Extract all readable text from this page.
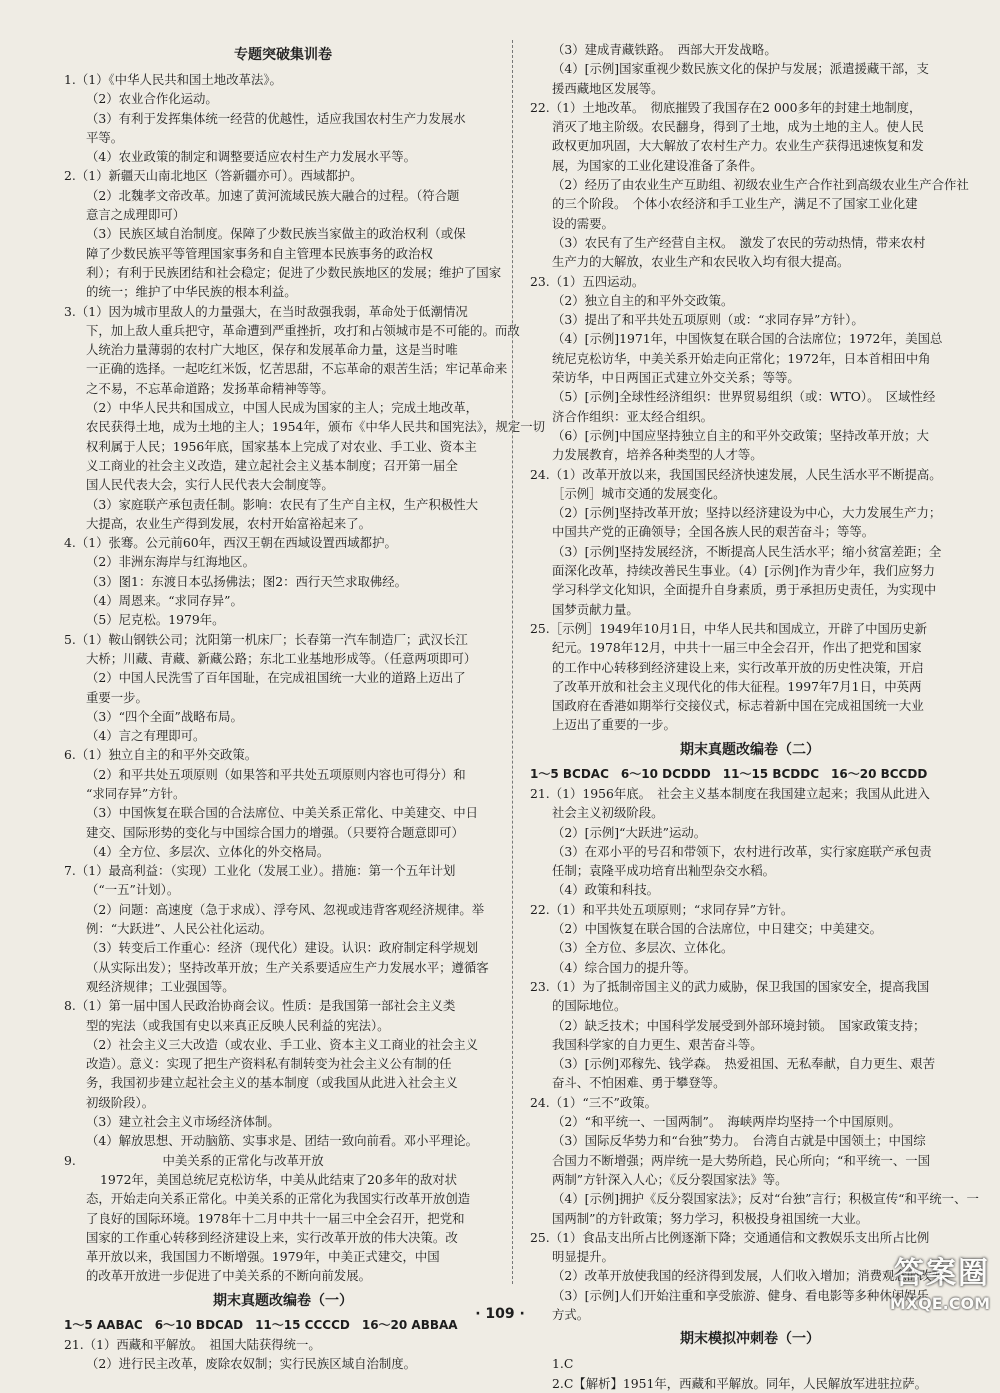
专题突破集训卷
1.（1）《中华人民共和国土地改革法》。
（2）农业合作化运动。
（3）有利于发挥集体统一经营的优越性，适应我国农村生产力发展水
平等。
（4）农业政策的制定和调整要适应农村生产力发展水平等。
2.（1）新疆天山南北地区（答新疆亦可）。西域都护。
（2）北魏孝文帝改革。加速了黄河流域民族大融合的过程。（符合题
意言之成理即可）
（3）民族区域自治制度。保障了少数民族当家做主的政治权利（或保
障了少数民族平等管理国家事务和自主管理本民族事务的政治权
利）；有利于民族团结和社会稳定；促进了少数民族地区的发展；维护了国家
的统一；维护了中华民族的根本利益。
3.（1）因为城市里敌人的力量强大，在当时敌强我弱，革命处于低潮情况
下，加上敌人重兵把守，革命遭到严重挫折，攻打和占领城市是不可能的。而敌
人统治力量薄弱的农村广大地区，保存和发展革命力量，这是当时唯
一正确的选择。一起吃红米饭，忆苦思甜，不忘革命的艰苦生活；牢记革命来
之不易，不忘革命道路；发扬革命精神等等。
（2）中华人民共和国成立，中国人民成为国家的主人；完成土地改革，
农民获得土地，成为土地的主人；1954年，颁布《中华人民共和国宪法》，规定一切
权利属于人民；1956年底，国家基本上完成了对农业、手工业、资本主
义工商业的社会主义改造，建立起社会主义基本制度；召开第一届全
国人民代表大会，实行人民代表大会制度等。
（3）家庭联产承包责任制。影响：农民有了生产自主权，生产积极性大
大提高，农业生产得到发展，农村开始富裕起来了。
4.（1）张骞。公元前60年，西汉王朝在西域设置西域都护。
（2）非洲东海岸与红海地区。
（3）图1：东渡日本弘扬佛法；图2：西行天竺求取佛经。
（4）周恩来。“求同存异”。
（5）尼克松。1979年。
5.（1）鞍山钢铁公司；沈阳第一机床厂；长春第一汽车制造厂；武汉长江
大桥；川藏、青藏、新藏公路；东北工业基地形成等。（任意两项即可）
（2）中国人民洗雪了百年国耻，在完成祖国统一大业的道路上迈出了
重要一步。
（3）“四个全面”战略布局。
（4）言之有理即可。
6.（1）独立自主的和平外交政策。
（2）和平共处五项原则（如果答和平共处五项原则内容也可得分）和
“求同存异”方针。
（3）中国恢复在联合国的合法席位、中美关系正常化、中美建交、中日
建交、国际形势的变化与中国综合国力的增强。（只要符合题意即可）
（4）全方位、多层次、立体化的外交格局。
7.（1）最高利益：（实现）工业化（发展工业）。措施：第一个五年计划
（“一五”计划）。
（2）问题：高速度（急于求成）、浮夸风、忽视或违背客观经济规律。举
例：“大跃进”、人民公社化运动。
（3）转变后工作重心：经济（现代化）建设。认识：政府制定科学规划
（从实际出发）；坚持改革开放；生产关系要适应生产力发展水平；遵循客
观经济规律；工业强国等。
8.（1）第一届中国人民政治协商会议。性质：是我国第一部社会主义类
型的宪法（或我国有史以来真正反映人民利益的宪法）。
（2）社会主义三大改造（或农业、手工业、资本主义工商业的社会主义
改造）。意义：实现了把生产资料私有制转变为社会主义公有制的任
务，我国初步建立起社会主义的基本制度（或我国从此进入社会主义
初级阶段）。
（3）建立社会主义市场经济体制。
（4）解放思想、开动脑筋、实事求是、团结一致向前看。邓小平理论。
9.　　　　　　　中美关系的正常化与改革开放
1972年，美国总统尼克松访华，中美从此结束了20多年的敌对状
态，开始走向关系正常化。中美关系的正常化为我国实行改革开放创造
了良好的国际环境。1978年十二月中共十一届三中全会召开，把党和
国家的工作重心转移到经济建设上来，实行改革开放的伟大决策。改
革开放以来，我国国力不断增强。1979年，中美正式建交，中国
的改革开放进一步促进了中美关系的不断向前发展。
期末真题改编卷（一）
1～5 AABAC　6～10 BDCAD　11～15 CCCCD　16～20 ABBAA
21.（1）西藏和平解放。　祖国大陆获得统一。
（2）进行民主改革，废除农奴制；实行民族区域自治制度。
（3）建成青藏铁路。　西部大开发战略。
（4）[示例]国家重视少数民族文化的保护与发展；派遣援藏干部，支
援西藏地区发展等。
22.（1）土地改革。　彻底摧毁了我国存在2 000多年的封建土地制度，
消灭了地主阶级。农民翻身，得到了土地，成为土地的主人。使人民
政权更加巩固，大大解放了农村生产力。农业生产获得迅速恢复和发
展，为国家的工业化建设准备了条件。
（2）经历了由农业生产互助组、初级农业生产合作社到高级农业生产合作社
的三个阶段。　个体小农经济和手工业生产，满足不了国家工业化建
设的需要。
（3）农民有了生产经营自主权。　激发了农民的劳动热情，带来农村
生产力的大解放，农业生产和农民收入均有很大提高。
23.（1）五四运动。
（2）独立自主的和平外交政策。
（3）提出了和平共处五项原则（或：“求同存异”方针）。
（4）[示例]1971年，中国恢复在联合国的合法席位；1972年，美国总
统尼克松访华，中美关系开始走向正常化；1972年，日本首相田中角
荣访华，中日两国正式建立外交关系；等等。
（5）[示例]全球性经济组织：世界贸易组织（或：WTO）。　区域性经
济合作组织：亚太经合组织。
（6）[示例]中国应坚持独立自主的和平外交政策；坚持改革开放；大
力发展教育，培养各种类型的人才等。
24.（1）改革开放以来，我国国民经济快速发展，人民生活水平不断提高。
［示例］城市交通的发展变化。
（2）[示例]坚持改革开放；坚持以经济建设为中心，大力发展生产力；
中国共产党的正确领导；全国各族人民的艰苦奋斗；等等。
（3）[示例]坚持发展经济，不断提高人民生活水平；缩小贫富差距；全
面深化改革，持续改善民生事业。（4）[示例]作为青少年，我们应努力
学习科学文化知识，全面提升自身素质，勇于承担历史责任，为实现中
国梦贡献力量。
25.［示例］1949年10月1日，中华人民共和国成立，开辟了中国历史新
纪元。1978年12月，中共十一届三中全会召开，作出了把党和国家
的工作中心转移到经济建设上来，实行改革开放的历史性决策，开启
了改革开放和社会主义现代化的伟大征程。1997年7月1日，中英两
国政府在香港如期举行交接仪式，标志着新中国在完成祖国统一大业
上迈出了重要的一步。
期末真题改编卷（二）
1～5 BCDAC　6～10 DCDDD　11～15 BCDDC　16～20 BCCDD
21.（1）1956年底。　社会主义基本制度在我国建立起来；我国从此进入
社会主义初级阶段。
（2）[示例]“大跃进”运动。
（3）在邓小平的号召和带领下，农村进行改革，实行家庭联产承包责
任制；袁隆平成功培育出籼型杂交水稻。
（4）政策和科技。
22.（1）和平共处五项原则；“求同存异”方针。
（2）中国恢复在联合国的合法席位，中日建交；中美建交。
（3）全方位、多层次、立体化。
（4）综合国力的提升等。
23.（1）为了抵制帝国主义的武力威胁，保卫我国的国家安全，提高我国
的国际地位。
（2）缺乏技术；中国科学发展受到外部环境封锁。　国家政策支持；
我国科学家的自力更生、艰苦奋斗等。
（3）[示例]邓稼先、钱学森。　热爱祖国、无私奉献，自力更生、艰苦
奋斗、不怕困难、勇于攀登等。
24.（1）“三不”政策。
（2）“和平统一、一国两制”。　海峡两岸均坚持一个中国原则。
（3）国际反华势力和“台独”势力。　台湾自古就是中国领土；中国综
合国力不断增强；两岸统一是大势所趋，民心所向；“和平统一、一国
两制”方针深入人心；《反分裂国家法》等。
（4）[示例]拥护《反分裂国家法》；反对“台独”言行；积极宣传“和平统一、一
国两制”的方针政策；努力学习，积极投身祖国统一大业。
25.（1）食品支出所占比例逐渐下降；交通通信和文教娱乐支出所占比例
明显提升。
（2）改革开放使我国的经济得到发展，人们收入增加；消费观念的改变。
（3）[示例]人们开始注重和享受旅游、健身、看电影等多种休闲娱乐
方式。
期末模拟冲刺卷（一）
1.C
2.C【解析】1951年，西藏和平解放。同年，人民解放军进驻拉萨。
· 109 ·
答案圈
MXQE.COM
